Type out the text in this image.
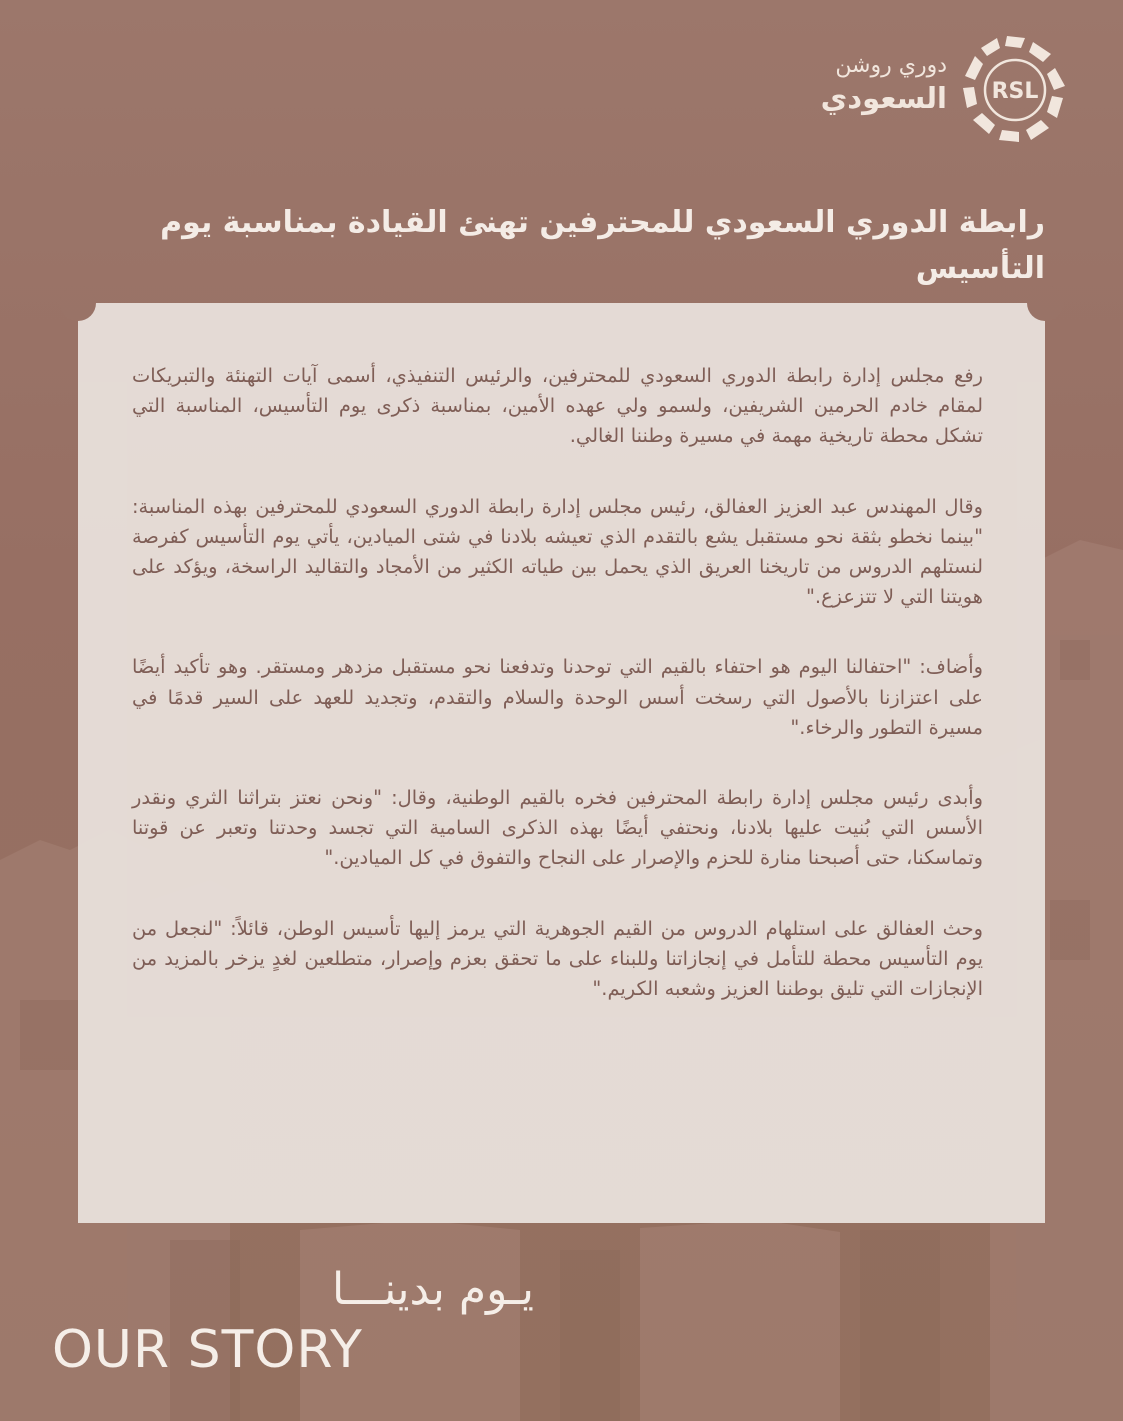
RSL
دوري روشن
السعودي
رابطة الدوري السعودي للمحترفين تهنئ القيادة بمناسبة يوم التأسيس

رفع مجلس إدارة رابطة الدوري السعودي للمحترفين، والرئيس التنفيذي، أسمى آيات التهنئة والتبريكات لمقام خادم الحرمين الشريفين، ولسمو ولي عهده الأمين، بمناسبة ذكرى يوم التأسيس، المناسبة التي تشكل محطة تاريخية مهمة في مسيرة وطننا الغالي.

وقال المهندس عبد العزيز العفالق، رئيس مجلس إدارة رابطة الدوري السعودي للمحترفين بهذه المناسبة: "بينما نخطو بثقة نحو مستقبل يشع بالتقدم الذي تعيشه بلادنا في شتى الميادين، يأتي يوم التأسيس كفرصة لنستلهم الدروس من تاريخنا العريق الذي يحمل بين طياته الكثير من الأمجاد والتقاليد الراسخة، ويؤكد على هويتنا التي لا تتزعزع."

وأضاف: "احتفالنا اليوم هو احتفاء بالقيم التي توحدنا وتدفعنا نحو مستقبل مزدهر ومستقر. وهو تأكيد أيضًا على اعتزازنا بالأصول التي رسخت أسس الوحدة والسلام والتقدم، وتجديد للعهد على السير قدمًا في مسيرة التطور والرخاء."

وأبدى رئيس مجلس إدارة رابطة المحترفين فخره بالقيم الوطنية، وقال: "ونحن نعتز بتراثنا الثري ونقدر الأسس التي بُنيت عليها بلادنا، ونحتفي أيضًا بهذه الذكرى السامية التي تجسد وحدتنا وتعبر عن قوتنا وتماسكنا، حتى أصبحنا منارة للحزم والإصرار على النجاح والتفوق في كل الميادين."

وحث العفالق على استلهام الدروس من القيم الجوهرية التي يرمز إليها تأسيس الوطن، قائلاً: "لنجعل من يوم التأسيس محطة للتأمل في إنجازاتنا وللبناء على ما تحقق بعزم وإصرار، متطلعين لغدٍ يزخر بالمزيد من الإنجازات التي تليق بوطننا العزيز وشعبه الكريم."

يـوم بدينـــا
OUR STORY
